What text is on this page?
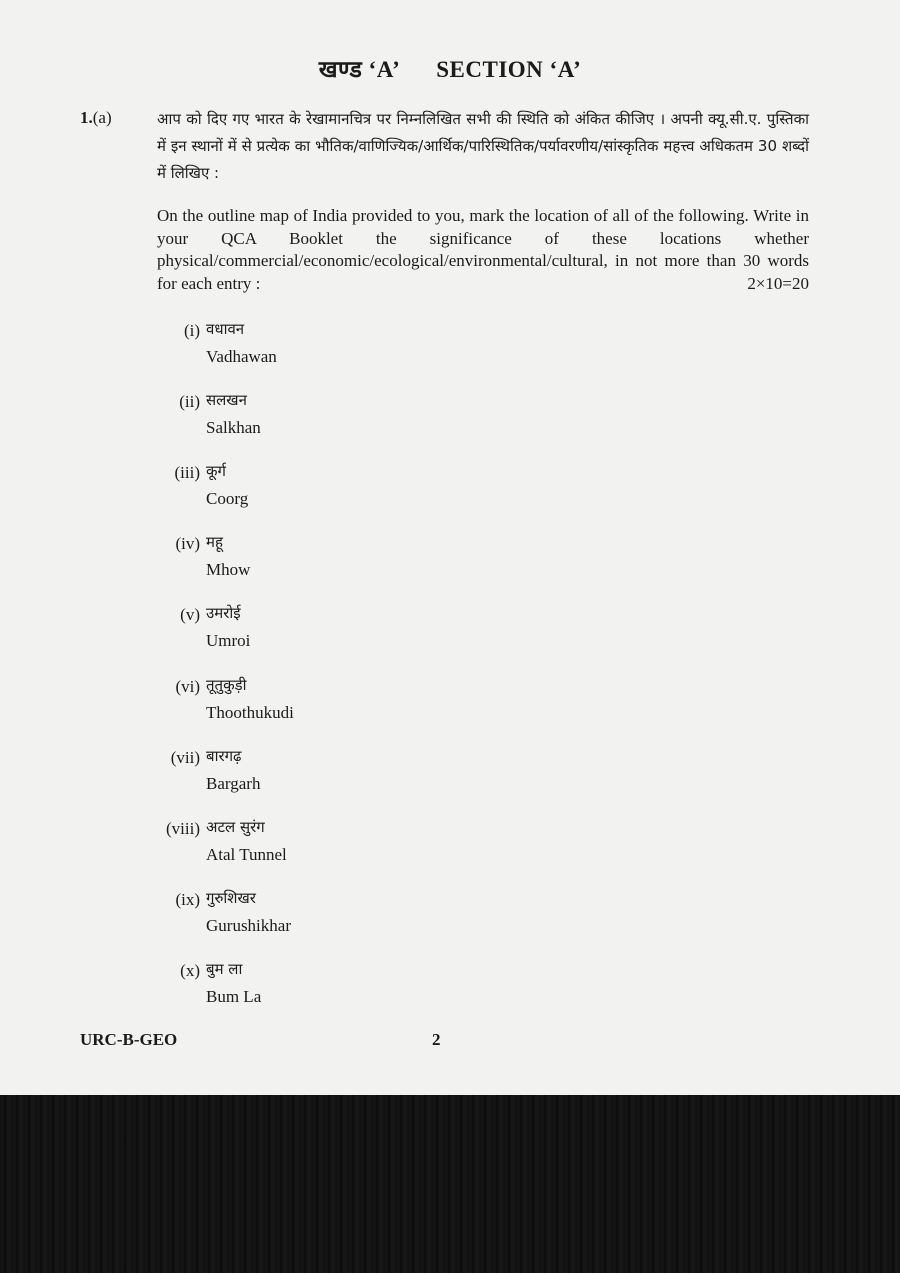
खण्ड ‘A’ SECTION ‘A’
1.(a)	आप को दिए गए भारत के रेखामानचित्र पर निम्नलिखित सभी की स्थिति को अंकित कीजिए । अपनी क्यू.सी.ए. पुस्तिका में इन स्थानों में से प्रत्येक का भौतिक/वाणिज्यिक/आर्थिक/पारिस्थितिक/पर्यावरणीय/सांस्कृतिक महत्त्व अधिकतम 30 शब्दों में लिखिए :
On the outline map of India provided to you, mark the location of all of the following. Write in your QCA Booklet the significance of these locations whether physical/commercial/economic/ecological/environmental/cultural, in not more than 30 words for each entry :	2×10=20
(i) वधावन
Vadhawan
(ii) सलखन
Salkhan
(iii) कूर्ग
Coorg
(iv) महू
Mhow
(v) उमरोई
Umroi
(vi) तूतुकुड़ी
Thoothukudi
(vii) बारगढ़
Bargarh
(viii) अटल सुरंग
Atal Tunnel
(ix) गुरुशिखर
Gurushikhar
(x) बुम ला
Bum La
URC-B-GEO	2
